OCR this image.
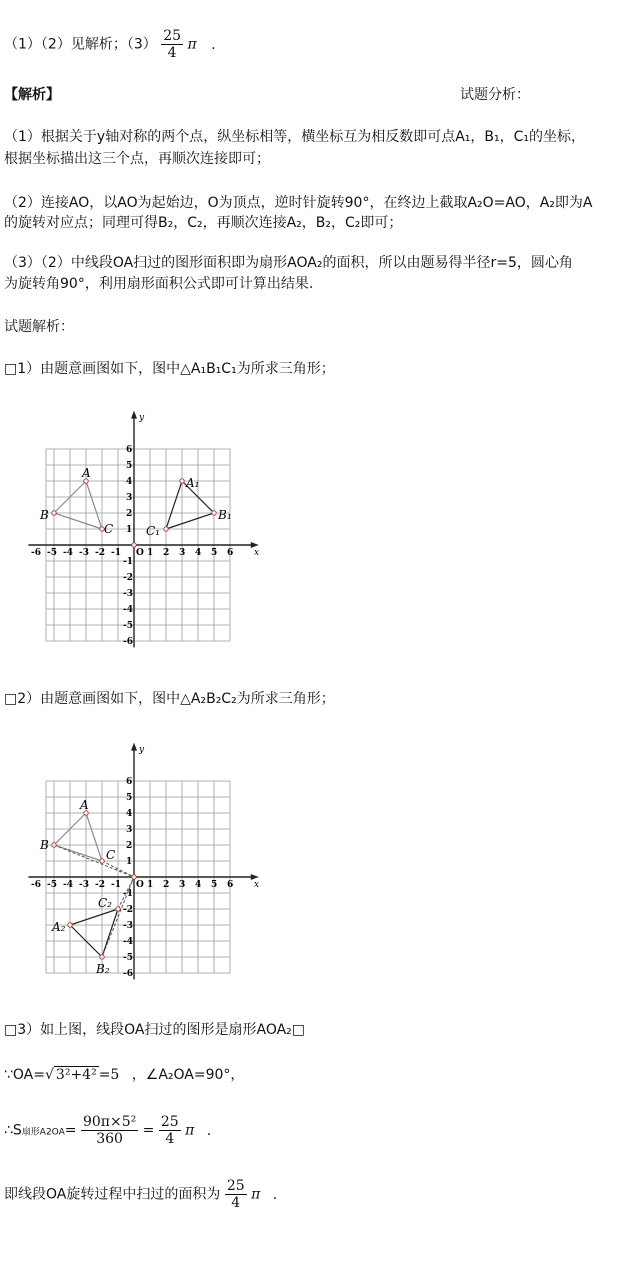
（1）（2）见解析；$(3) \frac{25}{4}$ π .
【解析】	试题分析：
（1）根据关于y轴对称的两个点，纵坐标相等，横坐标互为相反数即可点A₁，B₁，C₁的坐标，
根据坐标描出这三个点，再顺次连接即可；
（2）连接AO，以AO为起始边，O为顶点，逆时针旋转90°，在终边上截取A₂O=AO，A₂即为A
的旋转对应点；同理可得B₂，C₂，再顺次连接A₂，B₂，C₂即可；
（3）（2）中线段OA扫过的图形面积即为扇形AOA₂的面积，所以由题易得半径r=5，圆心角
为旋转角90°，利用扇形面积公式即可计算出结果.
试题解析：
□1）由题意画图如下，图中△A₁B₁C₁为所求三角形；
x
y
-6 -5 -4 -3 -2 -1 O 1 2 3 4 5 6
6
5
4
3
2
1
-1
-2
-3
-4
-5
-6
A
B
C
A₁
B₁
C₁
□2）由题意画图如下，图中△A₂B₂C₂为所求三角形；
x
y
-6 -5 -4 -3 -2 -1 O 1 2 3 4 5 6
6
5
4
3
2
1
-1
-2
-3
-4
-5
-6
A
B
C
A₂
B₂
C₂
□3）如上图，线段OA扫过的图形是扇形AOA₂□
∵OA=√ 3²+4² =5 ，∠A₂OA=90°，
∴S扇形$A2OA= \frac{\text{90π×5²}}{360} = \frac{25}{4}$ π .
即线段OA旋转过程中扫过的面积为 $\frac{25}{4}$ π .
